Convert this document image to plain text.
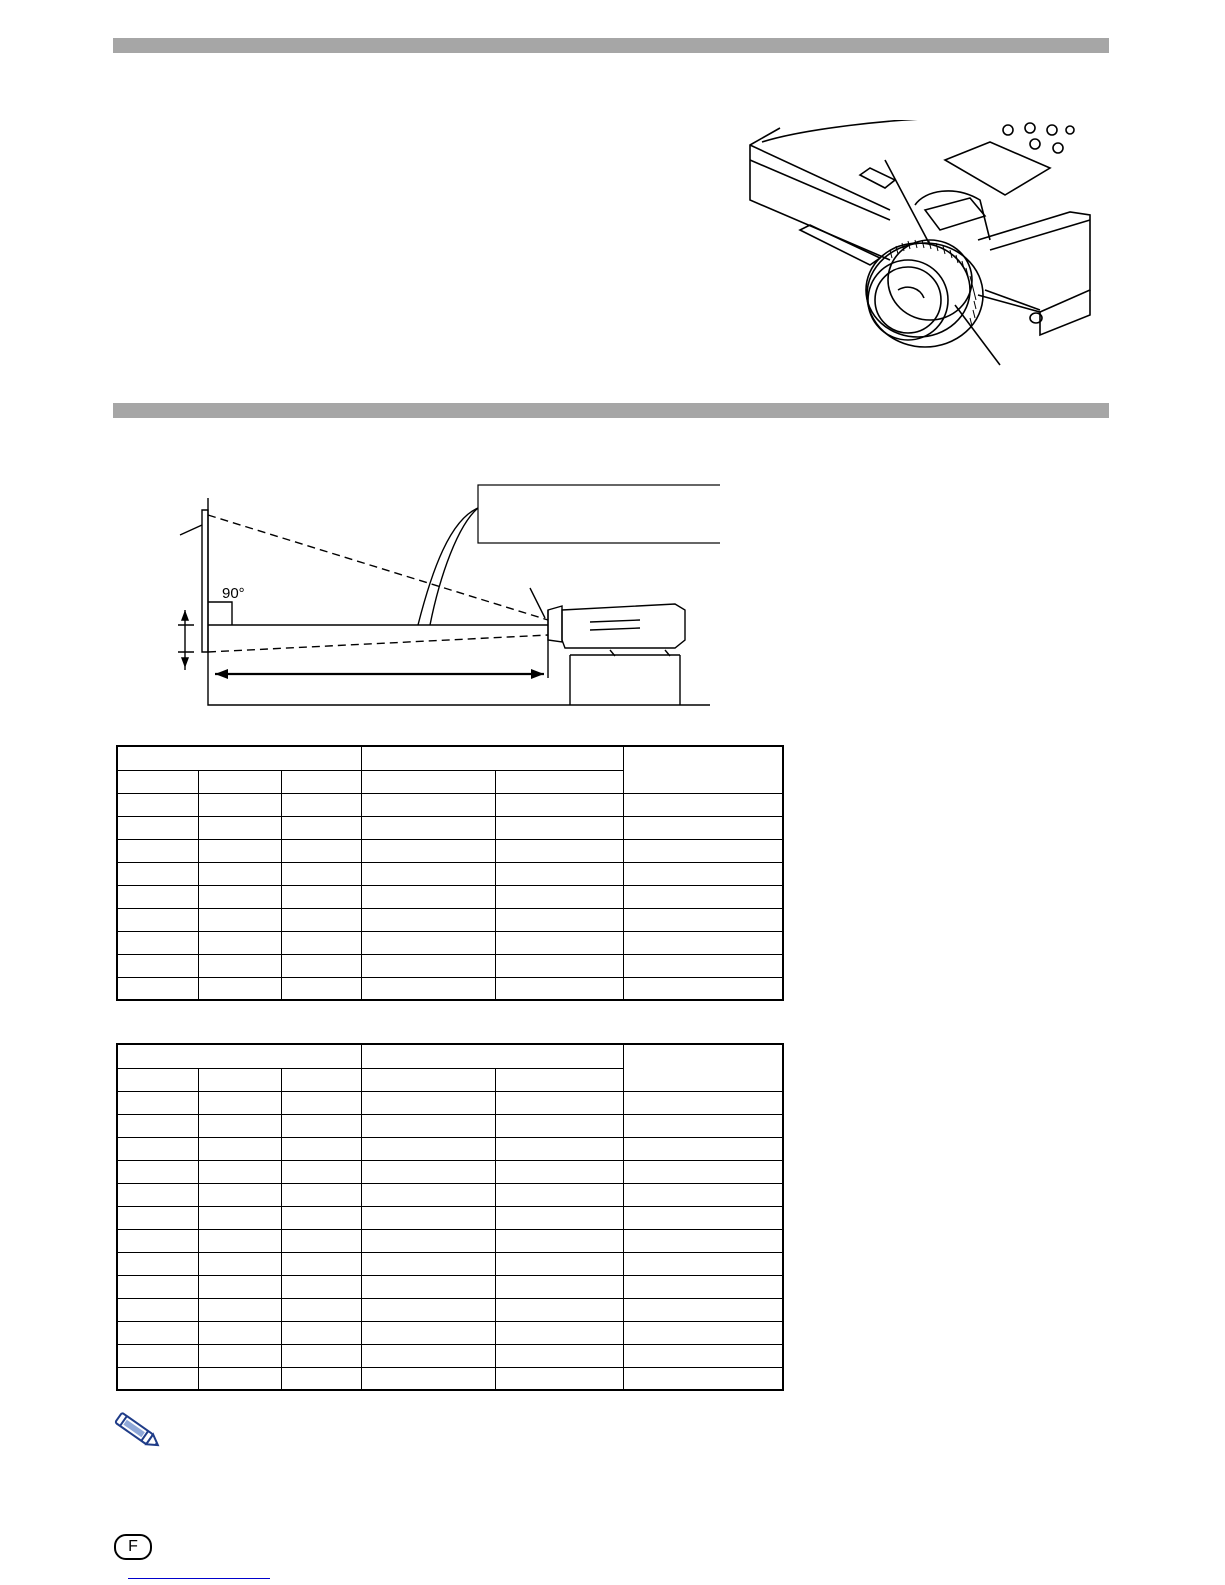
90°

F
